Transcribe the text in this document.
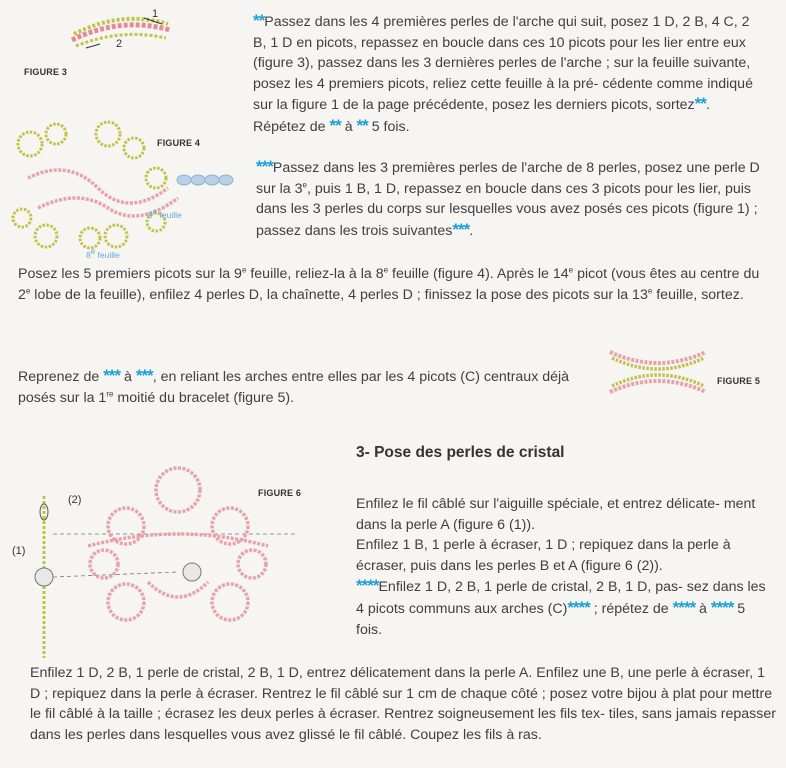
1
2
FIGURE 3
FIGURE 4
9e feuille
8e feuille

**Passez dans les 4 premières perles de l'arche qui suit, posez 1 D, 2 B, 4 C, 2 B, 1 D en picots, repassez en boucle dans ces 10 picots pour les lier entre eux (figure 3), passez dans les 3 dernières perles de l'arche ; sur la feuille suivante, posez les 4 premiers picots, reliez cette feuille à la pré- cédente comme indiqué sur la figure 1 de la page précédente, posez les derniers picots, sortez**. Répétez de ** à ** 5 fois.

***Passez dans les 3 premières perles de l'arche de 8 perles, posez une perle D sur la 3e, puis 1 B, 1 D, repassez en boucle dans ces 3 picots pour les lier, puis dans les 3 perles du corps sur lesquelles vous avez posés ces picots (figure 1) ; passez dans les trois suivantes***.

Posez les 5 premiers picots sur la 9e feuille, reliez-la à la 8e feuille (figure 4). Après le 14e picot (vous êtes au centre du 2e lobe de la feuille), enfilez 4 perles D, la chaînette, 4 perles D ; finissez la pose des picots sur la 13e feuille, sortez.

Reprenez de *** à ***, en reliant les arches entre elles par les 4 picots (C) centraux déjà posés sur la 1re moitié du bracelet (figure 5).

FIGURE 5
FIGURE 6
(1)
(2)
3- Pose des perles de cristal

Enfilez le fil câblé sur l'aiguille spéciale, et entrez délicate- ment dans la perle A (figure 6 (1)).
Enfilez 1 B, 1 perle à écraser, 1 D ; repiquez dans la perle à écraser, puis dans les perles B et A (figure 6 (2)).
****Enfilez 1 D, 2 B, 1 perle de cristal, 2 B, 1 D, pas- sez dans les 4 picots communs aux arches (C)**** ; répétez de **** à **** 5 fois.

Enfilez 1 D, 2 B, 1 perle de cristal, 2 B, 1 D, entrez délicatement dans la perle A. Enfilez une B, une perle à écraser, 1 D ; repiquez dans la perle à écraser. Rentrez le fil câblé sur 1 cm de chaque côté ; posez votre bijou à plat pour mettre le fil câblé à la taille ; écrasez les deux perles à écraser. Rentrez soigneusement les fils tex- tiles, sans jamais repasser dans les perles dans lesquelles vous avez glissé le fil câblé. Coupez les fils à ras.
